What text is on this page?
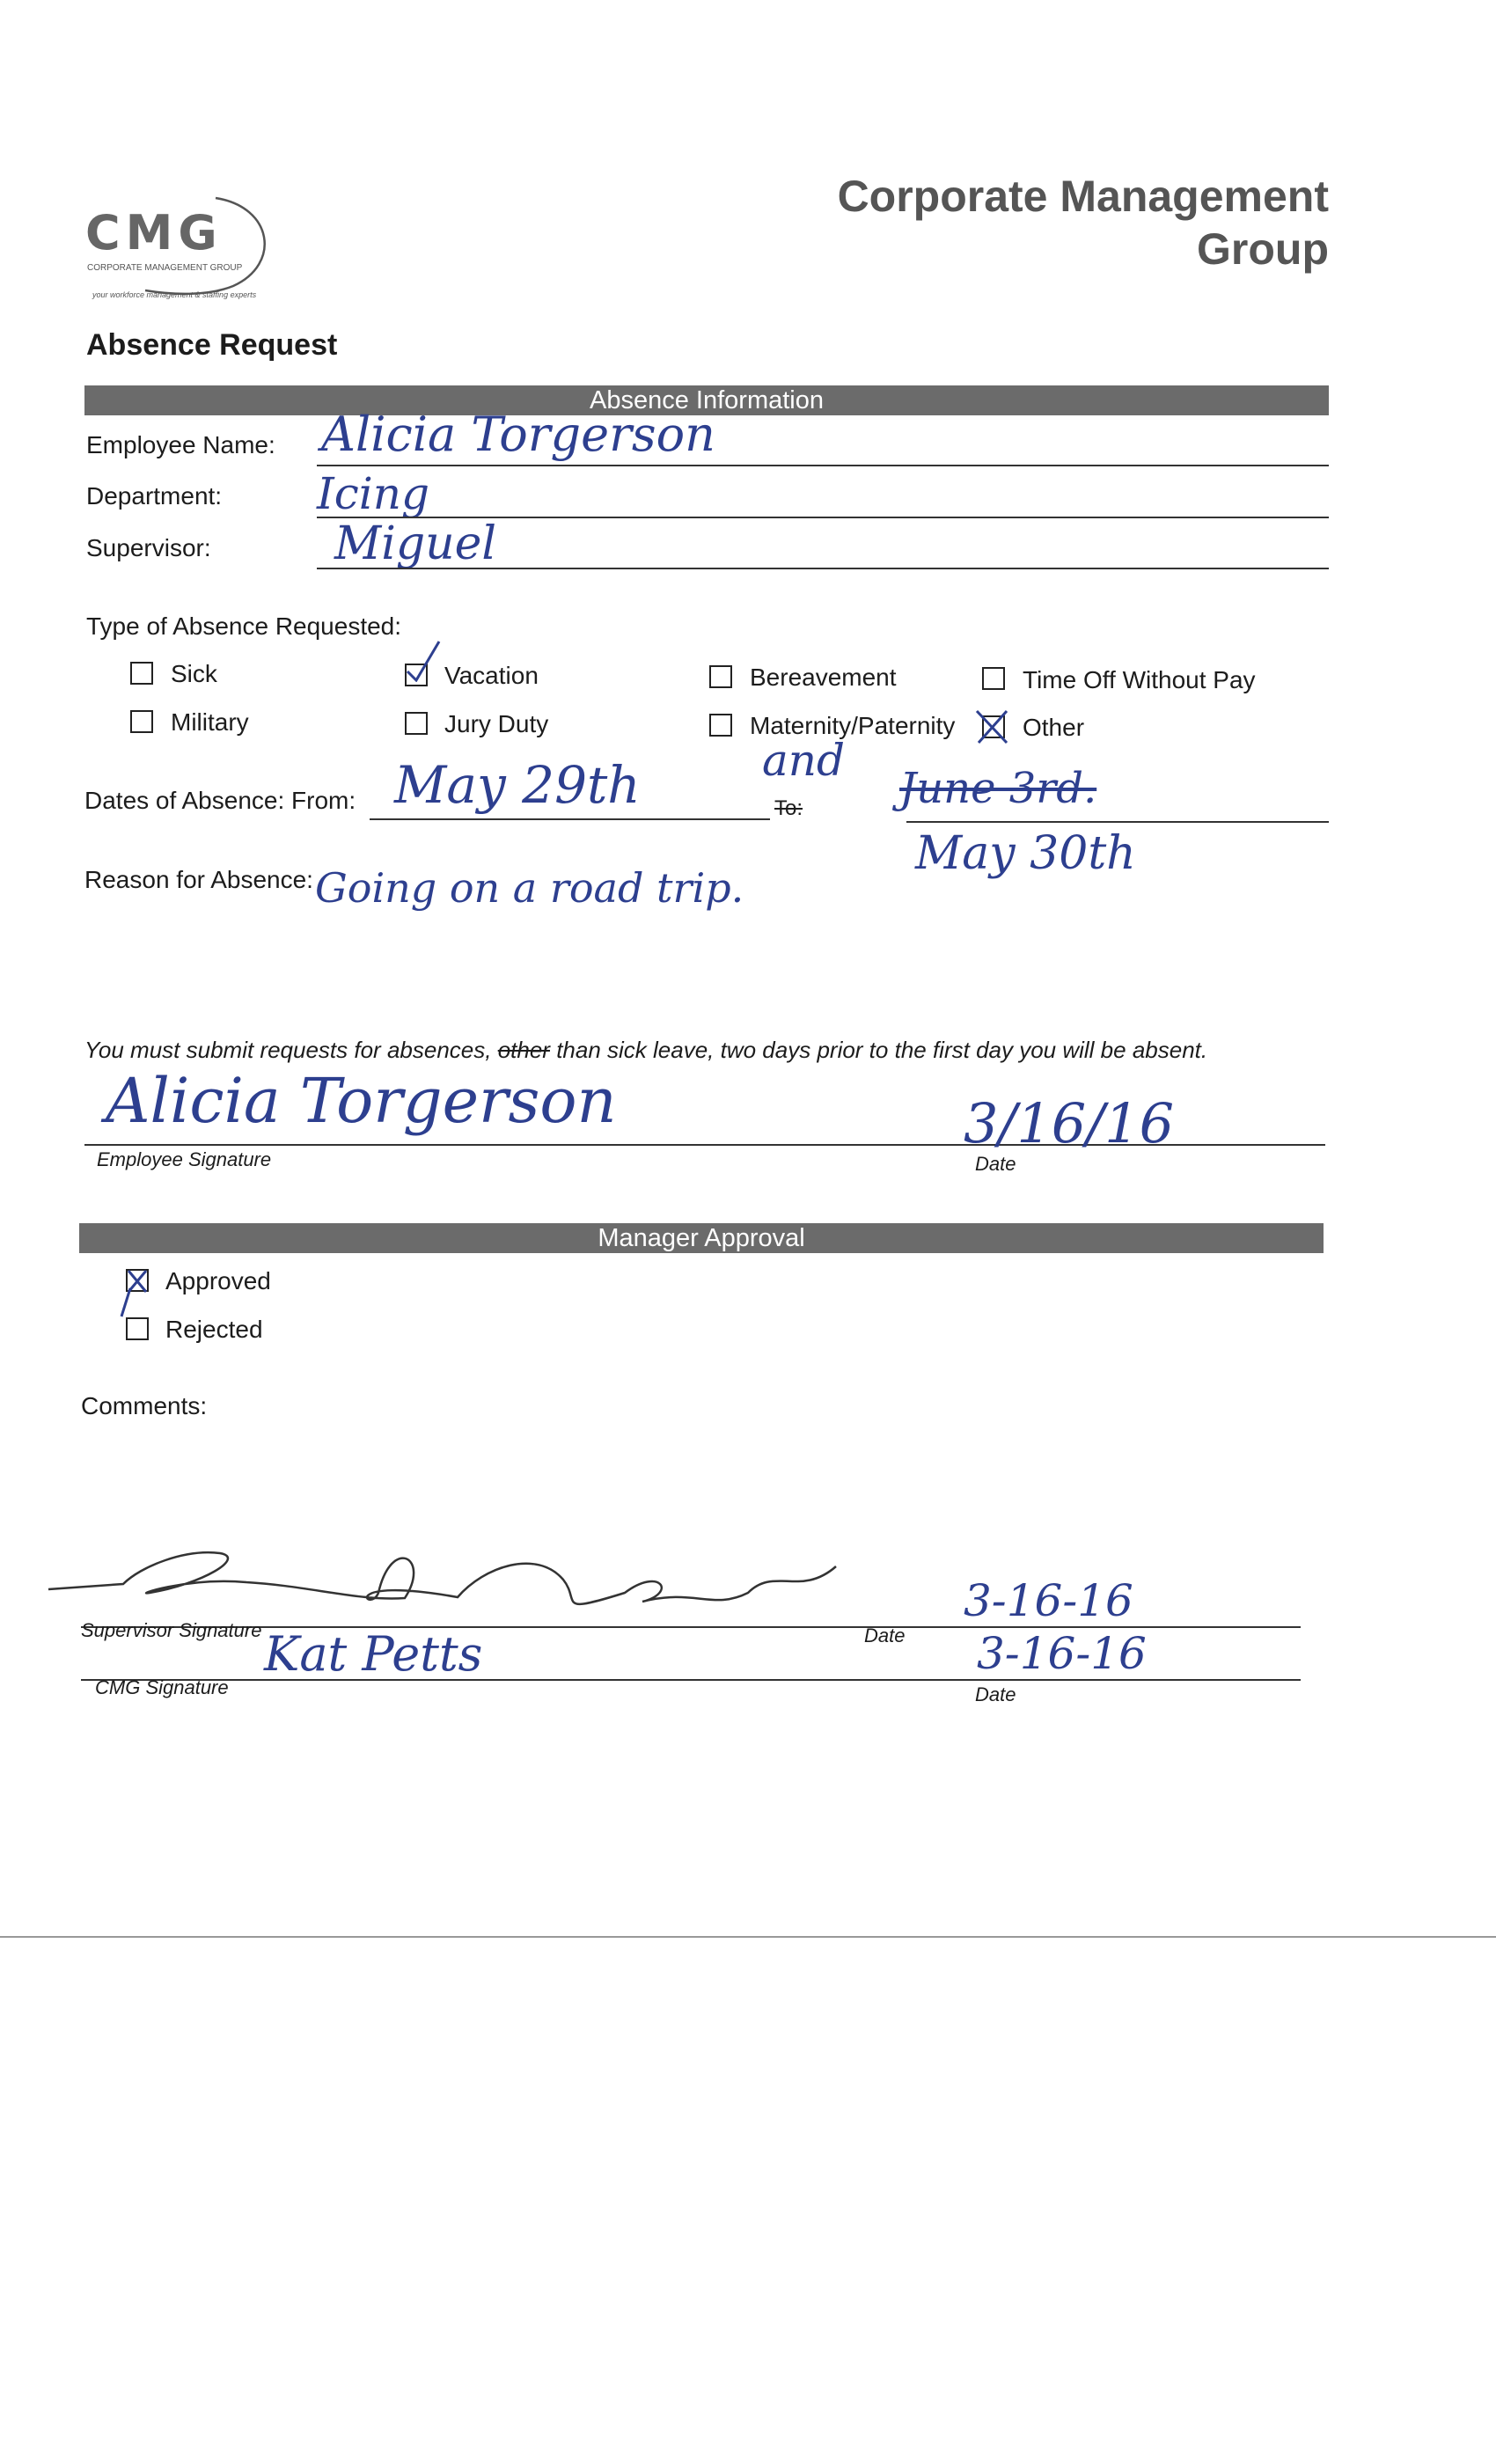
CMG
CORPORATE MANAGEMENT GROUP
your workforce management & staffing experts
Corporate Management
Group
Absence Request
Absence Information
Employee Name: Alicia Torgerson
Department: Icing
Supervisor:	Miguel
Type of Absence Requested:
Sick	Vacation	Bereavement	Time Off Without Pay
Military	Jury Duty	Maternity/Paternity	Other
Dates of Absence: From: May 29th	and
To: June 3rd.
May 30th
Reason for Absence: Going on a road trip.
You must submit requests for absences, other than sick leave, two days prior to the first day you will be absent.
Alicia Torgerson
Employee Signature
3/16/16
Date
Manager Approval
Approved
Rejected
Comments:
Supervisor Signature	Date
3-16-16
Kat Petts
CMG Signature
3-16-16
Date
